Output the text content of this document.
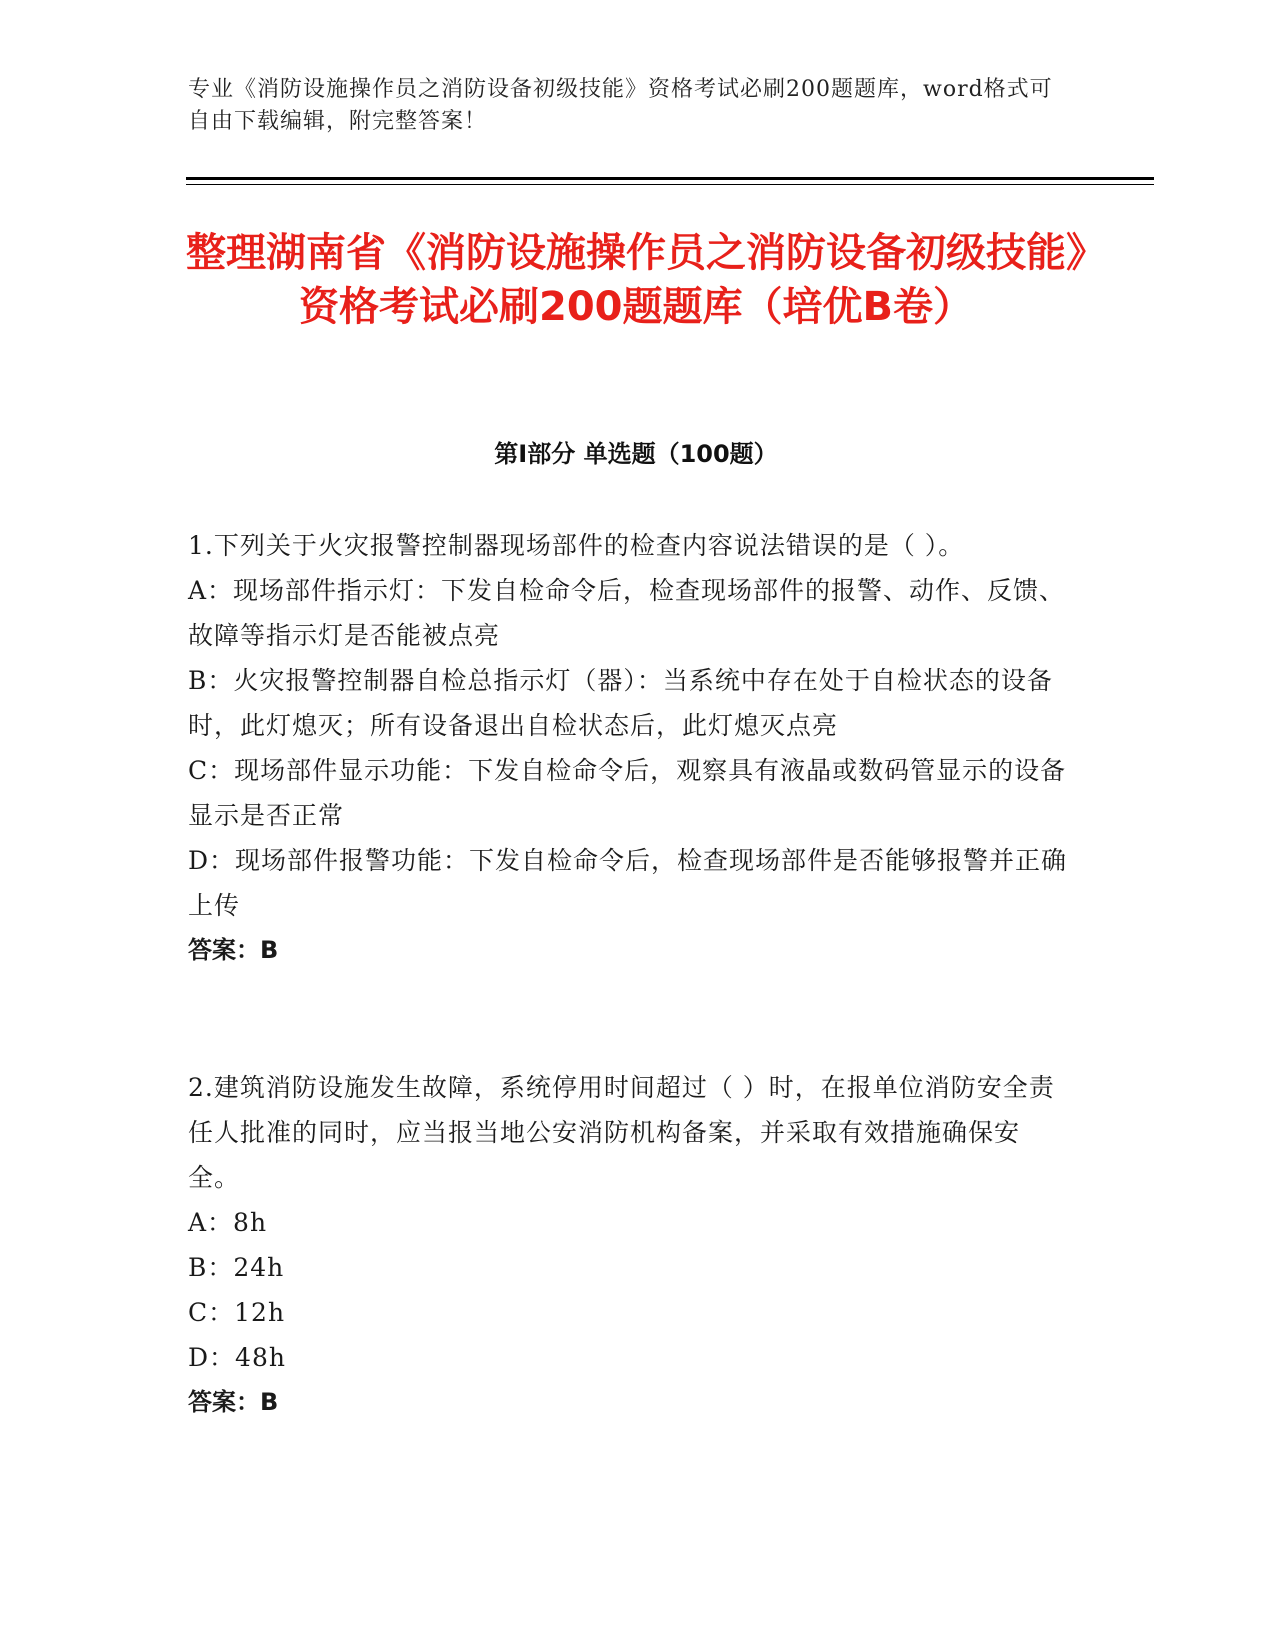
专业《消防设施操作员之消防设备初级技能》资格考试必刷200题题库，word格式可自由下载编辑，附完整答案！
整理湖南省《消防设施操作员之消防设备初级技能》资格考试必刷200题题库（培优B卷）
第I部分 单选题（100题）
1.下列关于火灾报警控制器现场部件的检查内容说法错误的是（ ）。
A：现场部件指示灯：下发自检命令后，检查现场部件的报警、动作、反馈、故障等指示灯是否能被点亮
B：火灾报警控制器自检总指示灯（器）：当系统中存在处于自检状态的设备时，此灯熄灭；所有设备退出自检状态后，此灯熄灭点亮
C：现场部件显示功能：下发自检命令后，观察具有液晶或数码管显示的设备显示是否正常
D：现场部件报警功能：下发自检命令后，检查现场部件是否能够报警并正确上传
答案：B
2.建筑消防设施发生故障，系统停用时间超过（ ）时，在报单位消防安全责任人批准的同时，应当报当地公安消防机构备案，并采取有效措施确保安全。
A：8h
B：24h
C：12h
D：48h
答案：B
